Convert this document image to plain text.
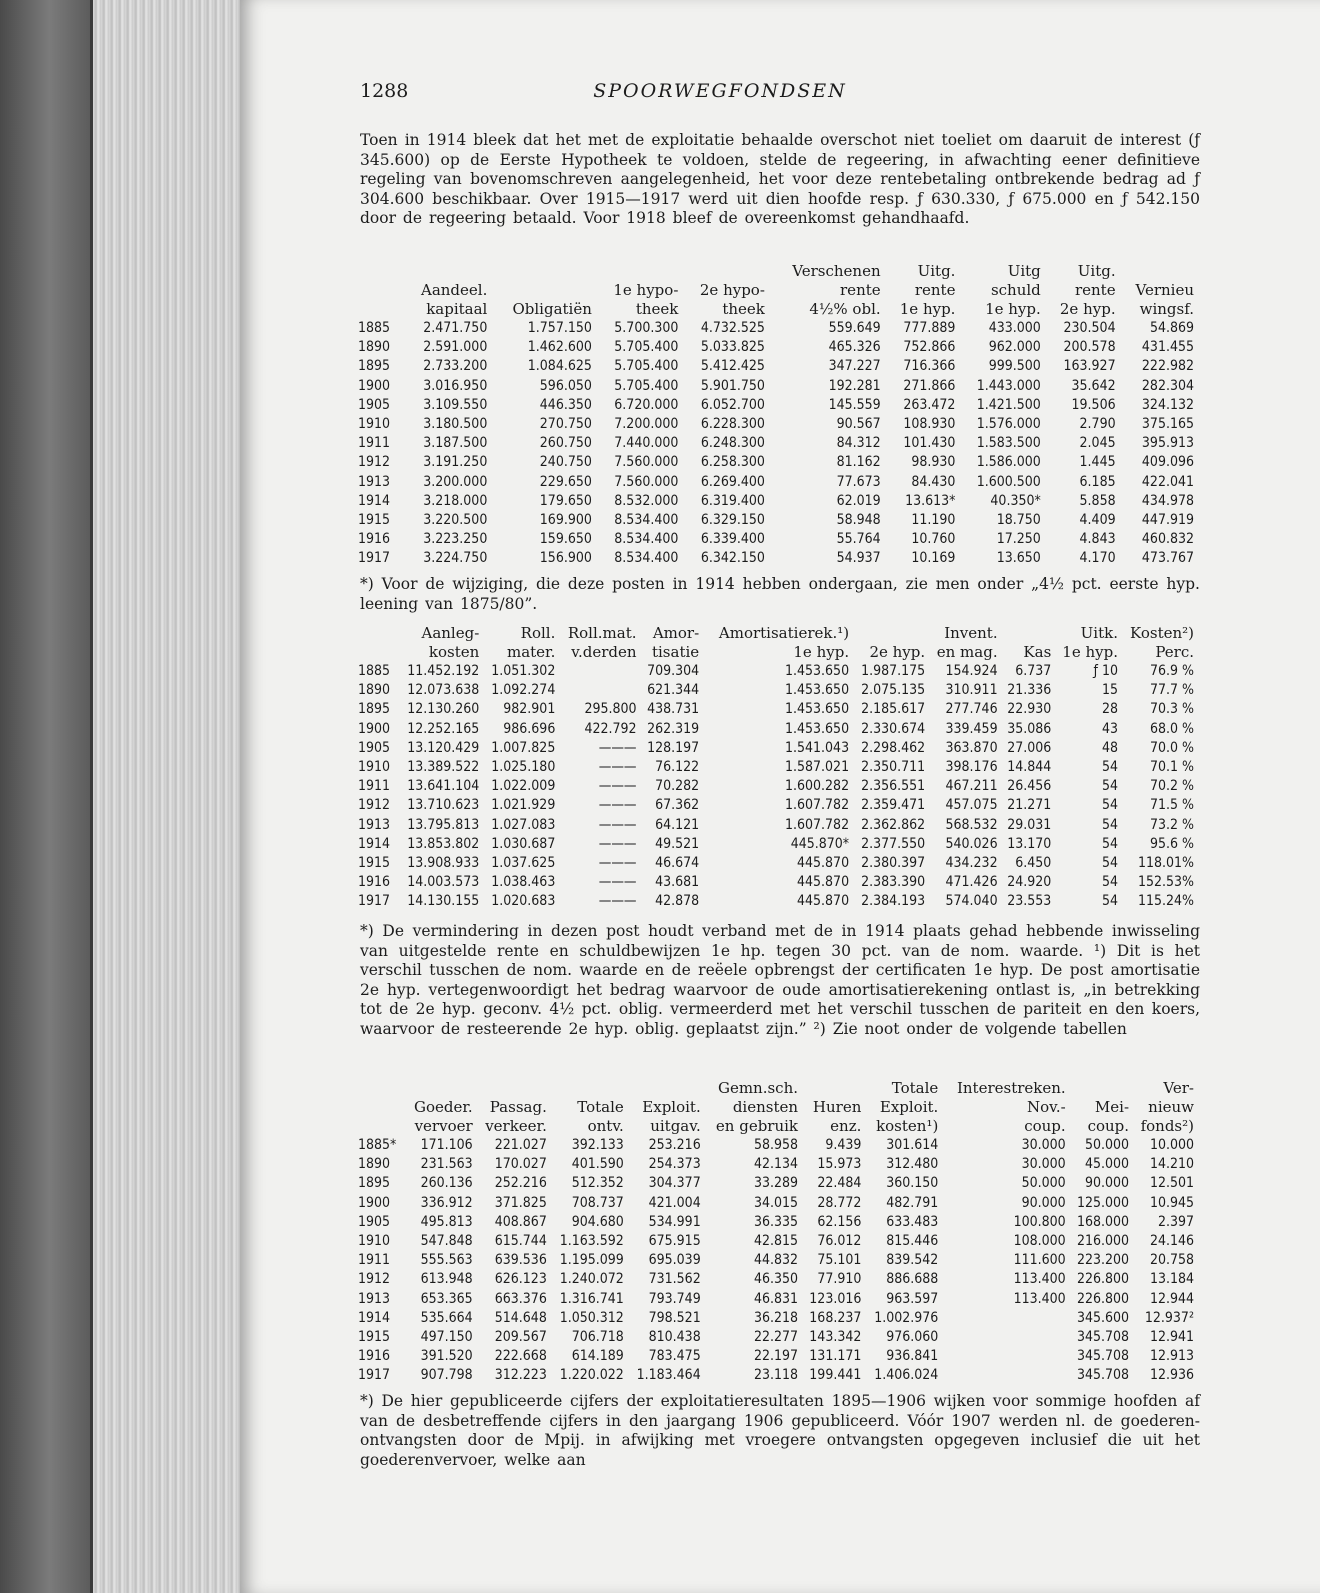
1288	SPOORWEGFONDSEN
Toen in 1914 bleek dat het met de exploitatie behaalde overschot niet toeliet om daaruit de interest (ƒ 345.600) op de Eerste Hypotheek te voldoen, stelde de regeering, in afwachting eener definitieve regeling van bovenomschreven aangelegenheid, het voor deze rentebetaling ontbrekende bedrag ad ƒ 304.600 beschikbaar. Over 1915—1917 werd uit dien hoofde resp. ƒ 630.330, ƒ 675.000 en ƒ 542.150 door de regeering betaald. Voor 1918 bleef de overeenkomst gehandhaafd.
					Verschenen	Uitg.	Uitg	Uitg.	
	Aandeel.		1e hypo-	2e hypo-	rente	rente	schuld	rente	Vernieu
	kapitaal	Obligatiën	theek	theek	4½% obl.	1e hyp.	1e hyp.	2e hyp.	wingsf.
1885	2.471.750	1.757.150	5.700.300	4.732.525	559.649	777.889	433.000	230.504	54.869
1890	2.591.000	1.462.600	5.705.400	5.033.825	465.326	752.866	962.000	200.578	431.455
1895	2.733.200	1.084.625	5.705.400	5.412.425	347.227	716.366	999.500	163.927	222.982
1900	3.016.950	596.050	5.705.400	5.901.750	192.281	271.866	1.443.000	35.642	282.304
1905	3.109.550	446.350	6.720.000	6.052.700	145.559	263.472	1.421.500	19.506	324.132
1910	3.180.500	270.750	7.200.000	6.228.300	90.567	108.930	1.576.000	2.790	375.165
1911	3.187.500	260.750	7.440.000	6.248.300	84.312	101.430	1.583.500	2.045	395.913
1912	3.191.250	240.750	7.560.000	6.258.300	81.162	98.930	1.586.000	1.445	409.096
1913	3.200.000	229.650	7.560.000	6.269.400	77.673	84.430	1.600.500	6.185	422.041
1914	3.218.000	179.650	8.532.000	6.319.400	62.019	13.613*	40.350*	5.858	434.978
1915	3.220.500	169.900	8.534.400	6.329.150	58.948	11.190	18.750	4.409	447.919
1916	3.223.250	159.650	8.534.400	6.339.400	55.764	10.760	17.250	4.843	460.832
1917	3.224.750	156.900	8.534.400	6.342.150	54.937	10.169	13.650	4.170	473.767
*) Voor de wijziging, die deze posten in 1914 hebben ondergaan, zie men onder „4½ pct. eerste hyp. leening van 1875/80”.
	Aanleg-	Roll.	Roll.mat.	Amor-	Amortisatierek.¹)		Invent.		Uitk.	Kosten²)
	kosten	mater.	v.derden	tisatie	1e hyp.	2e hyp.	en mag.	Kas	1e hyp.	Perc.
1885	11.452.192	1.051.302		709.304	1.453.650	1.987.175	154.924	6.737	ƒ 10	76.9 %
1890	12.073.638	1.092.274		621.344	1.453.650	2.075.135	310.911	21.336	15	77.7 %
1895	12.130.260	982.901	295.800	438.731	1.453.650	2.185.617	277.746	22.930	28	70.3 %
1900	12.252.165	986.696	422.792	262.319	1.453.650	2.330.674	339.459	35.086	43	68.0 %
1905	13.120.429	1.007.825	———	128.197	1.541.043	2.298.462	363.870	27.006	48	70.0 %
1910	13.389.522	1.025.180	———	76.122	1.587.021	2.350.711	398.176	14.844	54	70.1 %
1911	13.641.104	1.022.009	———	70.282	1.600.282	2.356.551	467.211	26.456	54	70.2 %
1912	13.710.623	1.021.929	———	67.362	1.607.782	2.359.471	457.075	21.271	54	71.5 %
1913	13.795.813	1.027.083	———	64.121	1.607.782	2.362.862	568.532	29.031	54	73.2 %
1914	13.853.802	1.030.687	———	49.521	445.870*	2.377.550	540.026	13.170	54	95.6 %
1915	13.908.933	1.037.625	———	46.674	445.870	2.380.397	434.232	6.450	54	118.01%
1916	14.003.573	1.038.463	———	43.681	445.870	2.383.390	471.426	24.920	54	152.53%
1917	14.130.155	1.020.683	———	42.878	445.870	2.384.193	574.040	23.553	54	115.24%
*) De vermindering in dezen post houdt verband met de in 1914 plaats gehad hebbende inwisseling van uitgestelde rente en schuldbewijzen 1e hp. tegen 30 pct. van de nom. waarde. ¹) Dit is het verschil tusschen de nom. waarde en de reëele opbrengst der certificaten 1e hyp. De post amortisatie 2e hyp. vertegenwoordigt het bedrag waarvoor de oude amortisatierekening ontlast is, „in betrekking tot de 2e hyp. geconv. 4½ pct. oblig. vermeerderd met het verschil tusschen de pariteit en den koers, waarvoor de resteerende 2e hyp. oblig. geplaatst zijn.” ²) Zie noot onder de volgende tabellen
					Gemn.sch.		Totale	Interestreken.		Ver-
	Goeder.	Passag.	Totale	Exploit.	diensten	Huren	Exploit.	Nov.-	Mei-	nieuw
	vervoer	verkeer.	ontv.	uitgav.	en gebruik	enz.	kosten¹)	coup.	coup.	fonds²)
1885*	171.106	221.027	392.133	253.216	58.958	9.439	301.614	30.000	50.000	10.000
1890	231.563	170.027	401.590	254.373	42.134	15.973	312.480	30.000	45.000	14.210
1895	260.136	252.216	512.352	304.377	33.289	22.484	360.150	50.000	90.000	12.501
1900	336.912	371.825	708.737	421.004	34.015	28.772	482.791	90.000	125.000	10.945
1905	495.813	408.867	904.680	534.991	36.335	62.156	633.483	100.800	168.000	2.397
1910	547.848	615.744	1.163.592	675.915	42.815	76.012	815.446	108.000	216.000	24.146
1911	555.563	639.536	1.195.099	695.039	44.832	75.101	839.542	111.600	223.200	20.758
1912	613.948	626.123	1.240.072	731.562	46.350	77.910	886.688	113.400	226.800	13.184
1913	653.365	663.376	1.316.741	793.749	46.831	123.016	963.597	113.400	226.800	12.944
1914	535.664	514.648	1.050.312	798.521	36.218	168.237	1.002.976		345.600	12.937²
1915	497.150	209.567	706.718	810.438	22.277	143.342	976.060		345.708	12.941
1916	391.520	222.668	614.189	783.475	22.197	131.171	936.841		345.708	12.913
1917	907.798	312.223	1.220.022	1.183.464	23.118	199.441	1.406.024		345.708	12.936
*) De hier gepubliceerde cijfers der exploitatieresultaten 1895—1906 wijken voor sommige hoofden af van de desbetreffende cijfers in den jaargang 1906 gepubliceerd. Vóór 1907 werden nl. de goederen-ontvangsten door de Mpij. in afwijking met vroegere ontvangsten opgegeven inclusief die uit het goederenvervoer, welke aan
